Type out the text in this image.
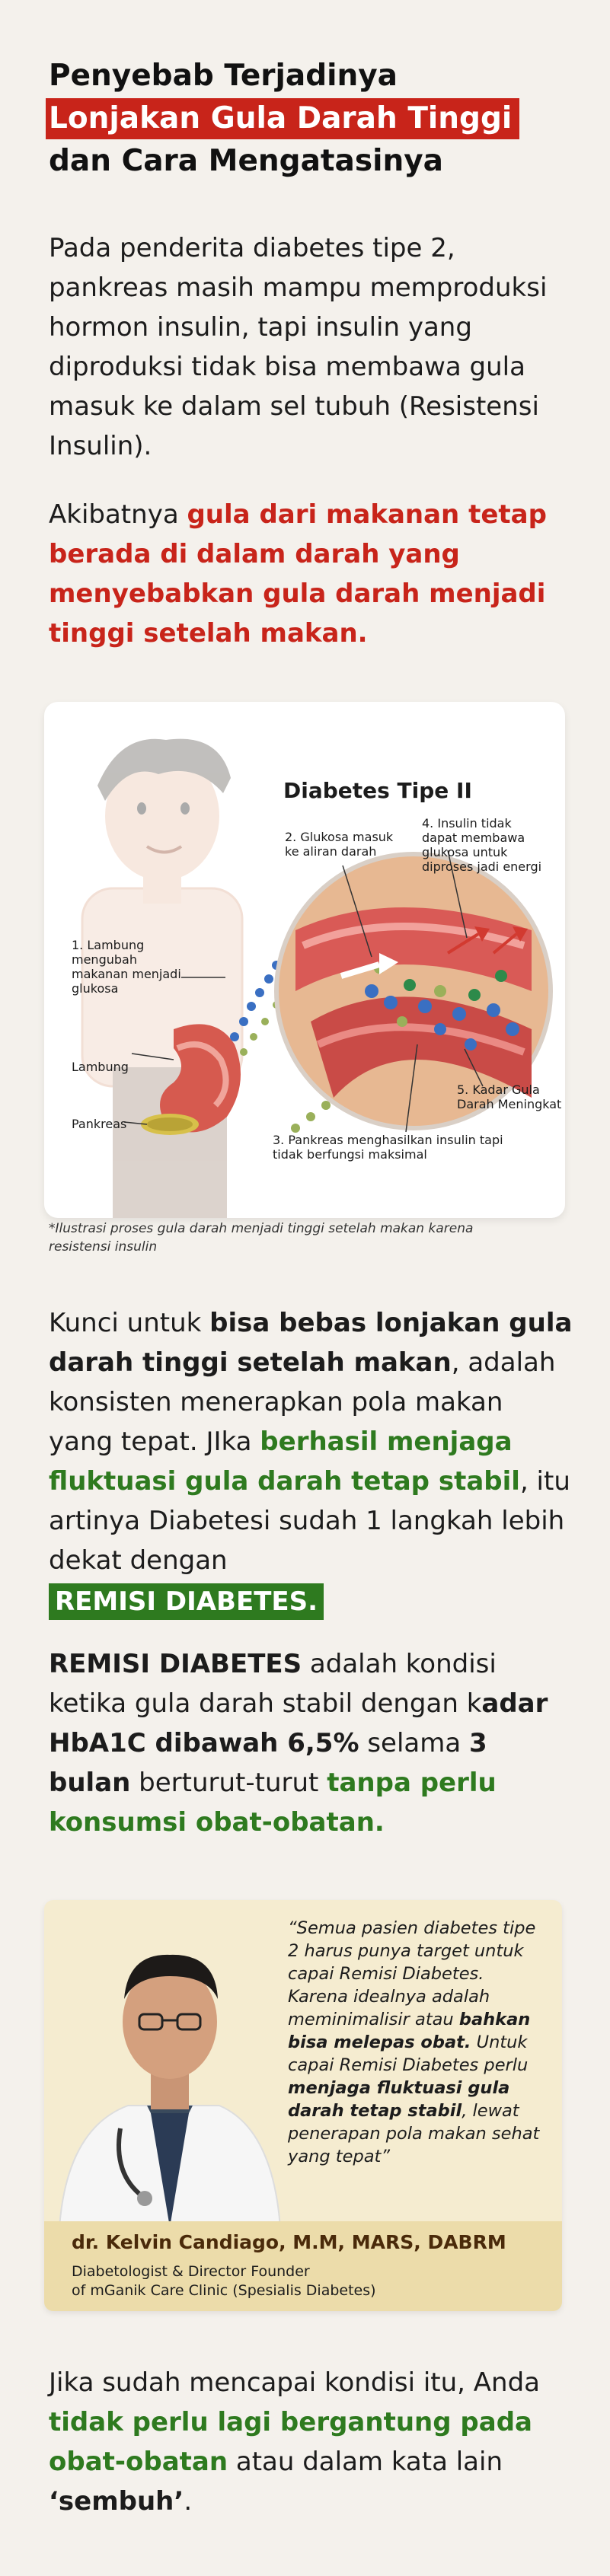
Penyebab Terjadinya
Lonjakan Gula Darah Tinggi
dan Cara Mengatasinya
Pada penderita diabetes tipe 2, pankreas masih mampu memproduksi hormon insulin, tapi insulin yang diproduksi tidak bisa membawa gula masuk ke dalam sel tubuh (Resistensi Insulin).
Akibatnya gula dari makanan tetap berada di dalam darah yang menyebabkan gula darah menjadi tinggi setelah makan.
Diabetes Tipe II
1. Lambung mengubah makanan menjadi glukosa
2. Glukosa masuk ke aliran darah
4. Insulin tidak dapat membawa glukosa untuk diproses jadi energi
Lambung
Pankreas
5. Kadar Gula Darah Meningkat
3. Pankreas menghasilkan insulin tapi tidak berfungsi maksimal
*Ilustrasi proses gula darah menjadi tinggi setelah makan karena resistensi insulin
Kunci untuk bisa bebas lonjakan gula darah tinggi setelah makan, adalah konsisten menerapkan pola makan yang tepat. JIka berhasil menjaga fluktuasi gula darah tetap stabil, itu artinya Diabetesi sudah 1 langkah lebih dekat dengan
REMISI DIABETES.
REMISI DIABETES adalah kondisi ketika gula darah stabil dengan kadar HbA1C dibawah 6,5% selama 3 bulan berturut-turut tanpa perlu konsumsi obat-obatan.
“Semua pasien diabetes tipe 2 harus punya target untuk capai Remisi Diabetes. Karena idealnya adalah meminimalisir atau bahkan bisa melepas obat. Untuk capai Remisi Diabetes perlu menjaga fluktuasi gula darah tetap stabil, lewat penerapan pola makan sehat yang tepat”
dr. Kelvin Candiago, M.M, MARS, DABRM
Diabetologist & Director Founder
of mGanik Care Clinic (Spesialis Diabetes)
Jika sudah mencapai kondisi itu, Anda tidak perlu lagi bergantung pada obat-obatan atau dalam kata lain ‘sembuh’.
